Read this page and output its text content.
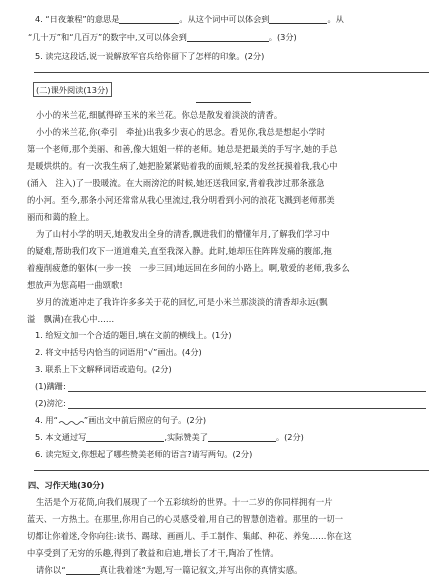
4. “日夜兼程”的意思是	。从这个词中可以体会到	。从
“几十万”和“几百万”的数字中,又可以体会到	。(3分)
5. 读完这段话,说一说解放军官兵给你留下了怎样的印象。(2分)
(二)课外阅读(13分)
小小的米兰花,细腻得碎玉米的米兰花。你总是散发着淡淡的清香。
小小的米兰花,你(牵引　牵扯)出我多少衷心的思念。看见你,我总是想起小学时
第一个老师,那个美丽、和善,像大姐姐一样的老师。她总是把最美的手写字,她的手总
是暖烘烘的。有一次我生病了,她把脸紧紧贴着我的面颊,轻柔的发丝抚摸着我,我心中
(涌入　注入)了一股暖流。在大雨滂沱的时候,她还送我回家,背着我涉过那条涨急
的小河。至今,那条小河还常常从我心里流过,我分明看到小河的浪花飞溅到老师那美
丽而和蔼的脸上。
为了山村小学的明天,她教发出全身的清香,飘进我们的懵懂年月,了解我们学习中
的疑难,帮助我们攻下一道道难关,直至我深入静。此时,她却压住阵阵发痛的腹部,拖
着瘦削疲惫的躯体(一步一挨　一步三回)地远回在乡间的小路上。啊,敬爱的老师,我多么
想放声为您高唱一曲颂歌!
岁月的流逝冲走了我许许多多关于花的回忆,可是小米兰那淡淡的清香却永远(飘
溢　飘满)在我心中……
1. 给短文加一个合适的题目,填在文前的横线上。(1分)
2. 将文中括号内恰当的词语用“√”画出。(4分)
3. 联系上下文解释词语或造句。(2分)
(1)蹒跚:
(2)滂沱:
4. 用“	”画出文中前后照应的句子。(2分)
5. 本文通过写	,实际赞美了	。(2分)
6. 读完短文,你想起了哪些赞美老师的语言?请写两句。(2分)
四、习作天地(30分)
生活是个万花筒,向我们展现了一个五彩缤纷的世界。十一二岁的你同样拥有一片
蓝天、一方热土。在那里,你用自己的心灵感受着,用自己的智慧创造着。那里的一切一
切都让你着迷,令你向往:读书、踢球、画画儿、手工制作、集邮、种花、养兔……你在这
中享受到了无穷的乐趣,得到了教益和启迪,增长了才干,陶冶了性情。
请你以“	真让我着迷”为题,写一篇记叙文,并写出你的真情实感。
